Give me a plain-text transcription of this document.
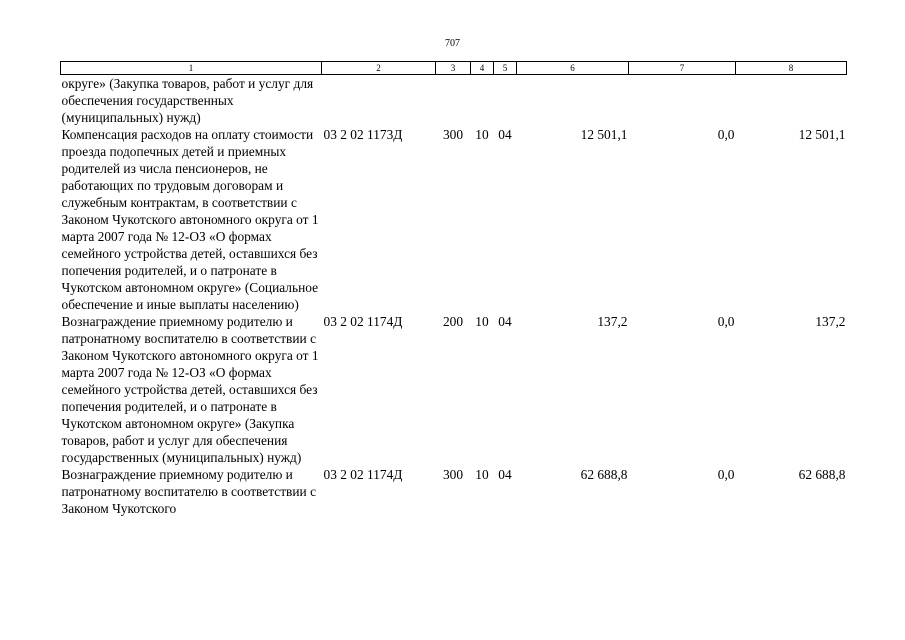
707
1	2	3	4	5	6	7	8
округе» (Закупка товаров, работ и услуг для обеспечения государственных (муниципальных) нужд)							
Компенсация расходов на оплату стоимости проезда подопечных детей и приемных родителей из числа пенсионеров, не работающих по трудовым договорам и служебным контрактам, в соответствии с Законом Чукотского автономного округа от 1 марта 2007 года № 12-ОЗ «О формах семейного устройства детей, оставшихся без попечения родителей, и о патронате в Чукотском автономном округе» (Социальное обеспечение и иные выплаты населению)	03 2 02 1173Д	300	10	04	12 501,1	0,0	12 501,1
Вознаграждение приемному родителю и патронатному воспитателю в соответствии с Законом Чукотского автономного округа от 1 марта 2007 года № 12-ОЗ «О формах семейного устройства детей, оставшихся без попечения родителей, и о патронате в Чукотском автономном округе» (Закупка товаров, работ и услуг для обеспечения государственных (муниципальных) нужд)	03 2 02 1174Д	200	10	04	137,2	0,0	137,2
Вознаграждение приемному родителю и патронатному воспитателю в соответствии с Законом Чукотского	03 2 02 1174Д	300	10	04	62 688,8	0,0	62 688,8
